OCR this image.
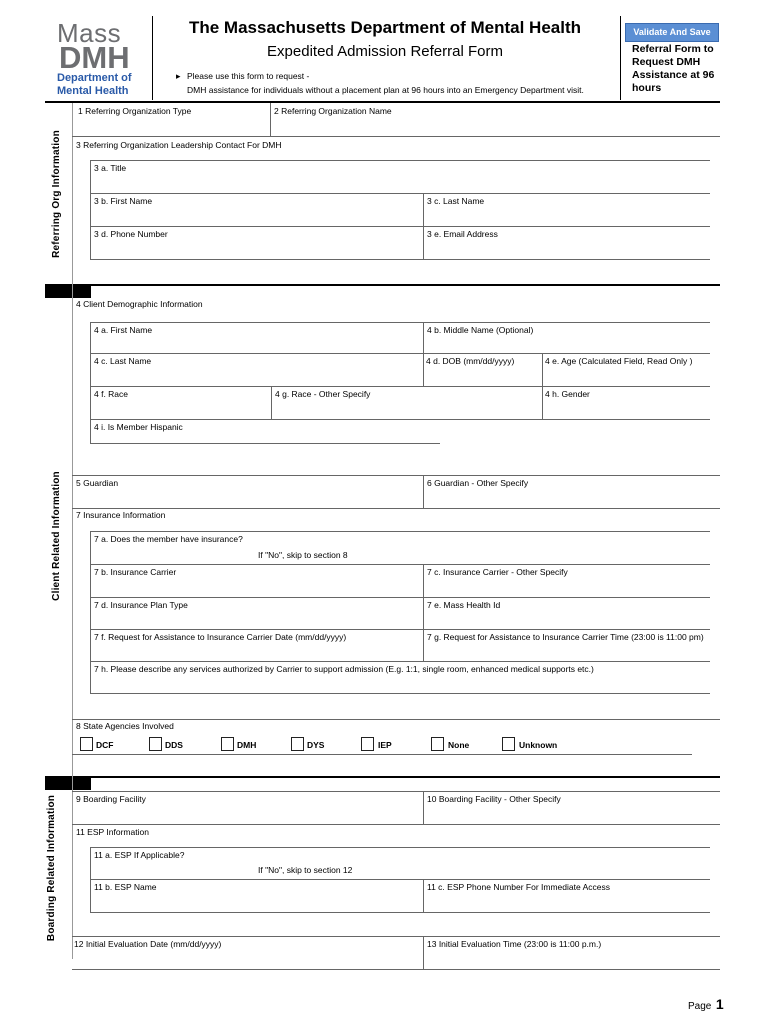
Mass
DMH
Department of
Mental Health
The Massachusetts Department of Mental Health
Expedited Admission Referral Form
▸ Please use this form to request -
DMH assistance for individuals without a placement plan at 96 hours into an Emergency Department visit.
Validate And Save
Referral Form to Request DMH Assistance at 96 hours
Referring Org Information
Client Related Information
Boarding Related Information
1 Referring Organization Type	2 Referring Organization Name
3 Referring Organization Leadership Contact For DMH
3 a. Title
3 b. First Name	3 c. Last Name
3 d. Phone Number	3 e. Email Address
4 Client Demographic Information
4 a. First Name	4 b. Middle Name (Optional)
4 c. Last Name	4 d. DOB (mm/dd/yyyy)	4 e. Age (Calculated Field, Read Only )
4 f. Race	4 g. Race - Other Specify	4 h. Gender
4 i. Is Member Hispanic
5 Guardian	6 Guardian - Other Specify
7 Insurance Information
7 a. Does the member have insurance?
If "No", skip to section 8
7 b. Insurance Carrier	7 c. Insurance Carrier - Other Specify
7 d. Insurance Plan Type	7 e. Mass Health Id
7 f. Request for Assistance to Insurance Carrier Date (mm/dd/yyyy)	7 g. Request for Assistance to Insurance Carrier Time (23:00 is 11:00 pm)
7 h. Please describe any services authorized by Carrier to support admission (E.g. 1:1, single room, enhanced medical supports etc.)
8 State Agencies Involved
DCF	DDS	DMH	DYS	IEP	None	Unknown
9 Boarding Facility	10 Boarding Facility - Other Specify
11 ESP Information
11 a. ESP If Applicable?
If "No", skip to section 12
11 b. ESP Name	11 c. ESP Phone Number For Immediate Access
12 Initial Evaluation Date (mm/dd/yyyy)	13 Initial Evaluation Time (23:00 is 11:00 p.m.)
Page 1
